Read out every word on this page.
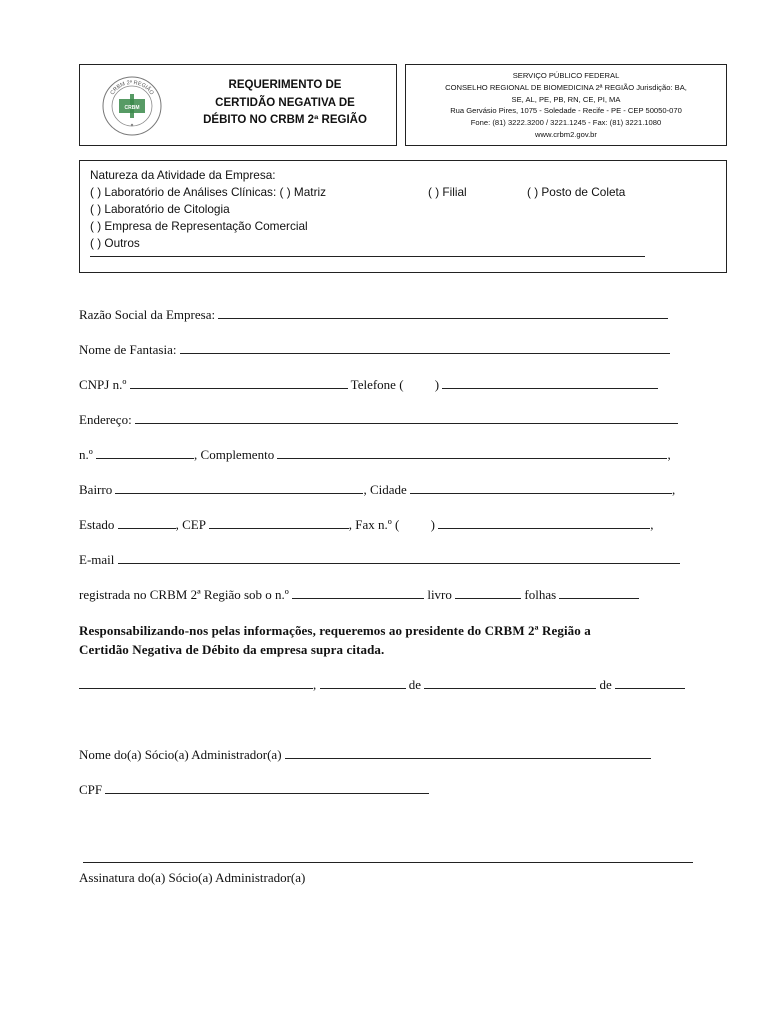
CRBM 2ª REGIÃO
CRBM
REQUERIMENTO DE
CERTIDÃO NEGATIVA DE
DÉBITO NO CRBM 2ª REGIÃO
SERVIÇO PÚBLICO FEDERAL
CONSELHO REGIONAL DE BIOMEDICINA 2ª REGIÃO Jurisdição: BA,
SE, AL, PE, PB, RN, CE, PI, MA
Rua Gervásio Pires, 1075 - Soledade - Recife - PE - CEP 50050-070
Fone: (81) 3222.3200 / 3221.1245 - Fax: (81) 3221.1080
www.crbm2.gov.br
Natureza da Atividade da Empresa:
( ) Laboratório de Análises Clínicas: ( ) Matriz	( ) Filial	( ) Posto de Coleta
( ) Laboratório de Citologia
( ) Empresa de Representação Comercial
( ) Outros
Razão Social da Empresa:
Nome de Fantasia:
CNPJ n.º	Telefone ( )
Endereço:
n.º	, Complemento	,
Bairro	, Cidade	,
Estado	, CEP	, Fax n.º ( )	,
E-mail
registrada no CRBM 2ª Região sob o n.º	livro	folhas
Responsabilizando-nos pelas informações, requeremos ao presidente do CRBM 2ª Região a
Certidão Negativa de Débito da empresa supra citada.
,	de	de
Nome do(a) Sócio(a) Administrador(a)
CPF
Assinatura do(a) Sócio(a) Administrador(a)
